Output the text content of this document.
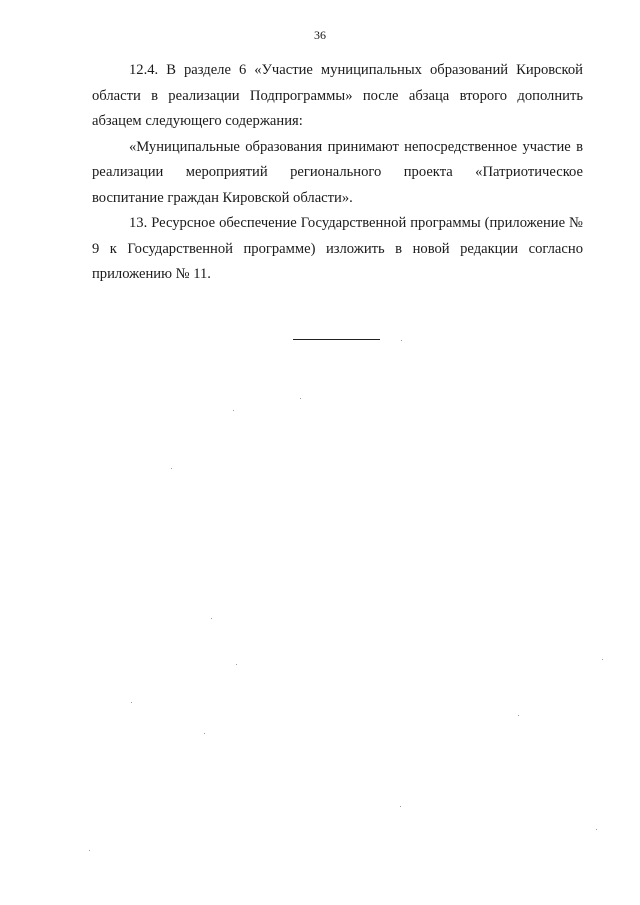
36

12.4. В разделе 6 «Участие муниципальных образований Кировской области в реализации Подпрограммы» после абзаца второго дополнить абзацем следующего содержания:

«Муниципальные образования принимают непосредственное участие в реализации мероприятий регионального проекта «Патриотическое воспитание граждан Кировской области».

13. Ресурсное обеспечение Государственной программы (приложение № 9 к Государственной программе) изложить в новой редакции согласно приложению № 11.
